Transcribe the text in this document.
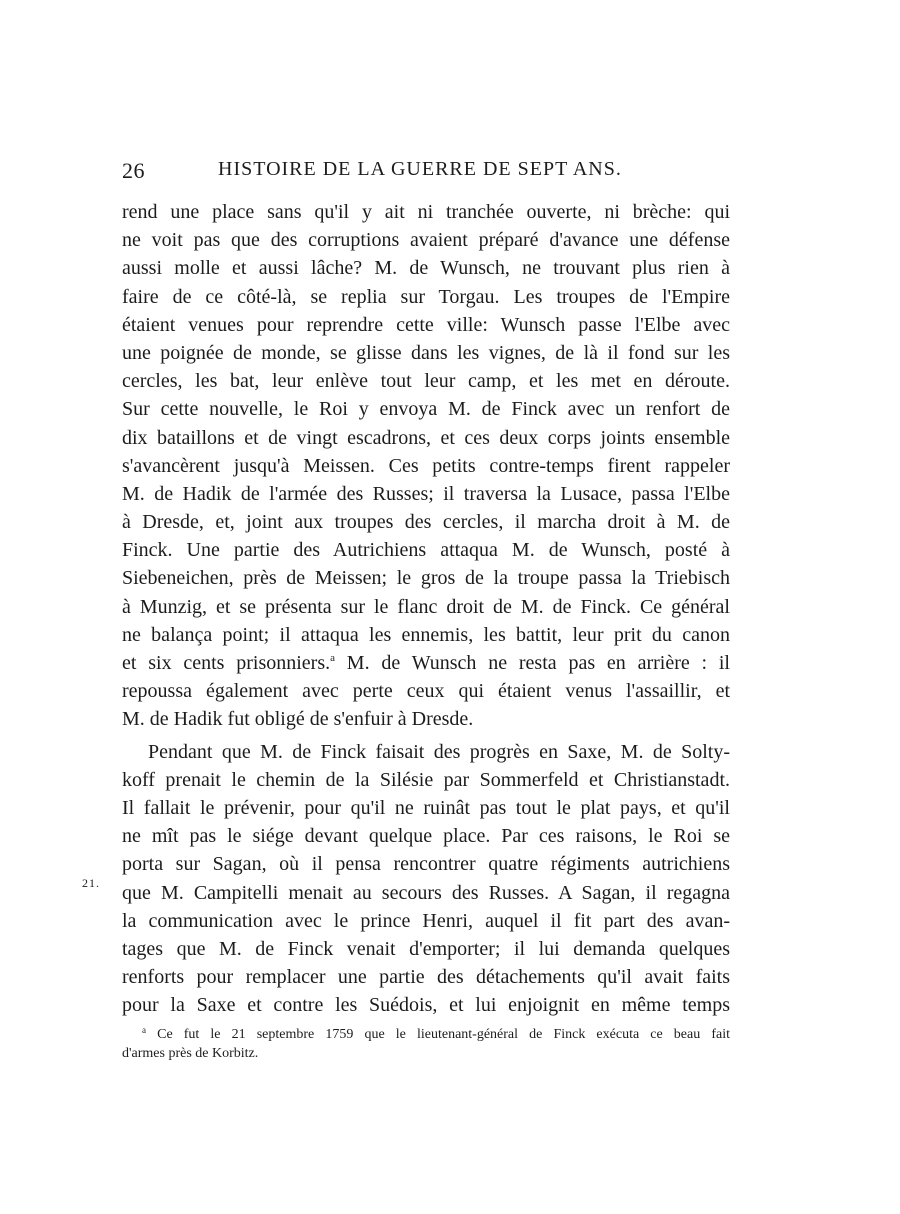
26	HISTOIRE DE LA GUERRE DE SEPT ANS.
21.
rend une place sans qu'il y ait ni tranchée ouverte, ni brèche: qui
ne voit pas que des corruptions avaient préparé d'avance une défense
aussi molle et aussi lâche? M. de Wunsch, ne trouvant plus rien à
faire de ce côté-là, se replia sur Torgau. Les troupes de l'Empire
étaient venues pour reprendre cette ville: Wunsch passe l'Elbe avec
une poignée de monde, se glisse dans les vignes, de là il fond sur les
cercles, les bat, leur enlève tout leur camp, et les met en déroute.
Sur cette nouvelle, le Roi y envoya M. de Finck avec un renfort de
dix bataillons et de vingt escadrons, et ces deux corps joints ensemble
s'avancèrent jusqu'à Meissen. Ces petits contre-temps firent rappeler
M. de Hadik de l'armée des Russes; il traversa la Lusace, passa l'Elbe
à Dresde, et, joint aux troupes des cercles, il marcha droit à M. de
Finck. Une partie des Autrichiens attaqua M. de Wunsch, posté à
Siebeneichen, près de Meissen; le gros de la troupe passa la Triebisch
à Munzig, et se présenta sur le flanc droit de M. de Finck. Ce général
ne balança point; il attaqua les ennemis, les battit, leur prit du canon
et six cents prisonniers.$^a$ M. de Wunsch ne resta pas en arrière : il
repoussa également avec perte ceux qui étaient venus l'assaillir, et
M. de Hadik fut obligé de s'enfuir à Dresde.
Pendant que M. de Finck faisait des progrès en Saxe, M. de Solty-
koff prenait le chemin de la Silésie par Sommerfeld et Christianstadt.
Il fallait le prévenir, pour qu'il ne ruinât pas tout le plat pays, et qu'il
ne mît pas le siége devant quelque place. Par ces raisons, le Roi se
porta sur Sagan, où il pensa rencontrer quatre régiments autrichiens
que M. Campitelli menait au secours des Russes. A Sagan, il regagna
la communication avec le prince Henri, auquel il fit part des avan-
tages que M. de Finck venait d'emporter; il lui demanda quelques
renforts pour remplacer une partie des détachements qu'il avait faits
pour la Saxe et contre les Suédois, et lui enjoignit en même temps
$^a$ Ce fut le 21 septembre 1759 que le lieutenant-général de Finck exécuta ce beau fait
d'armes près de Korbitz.
